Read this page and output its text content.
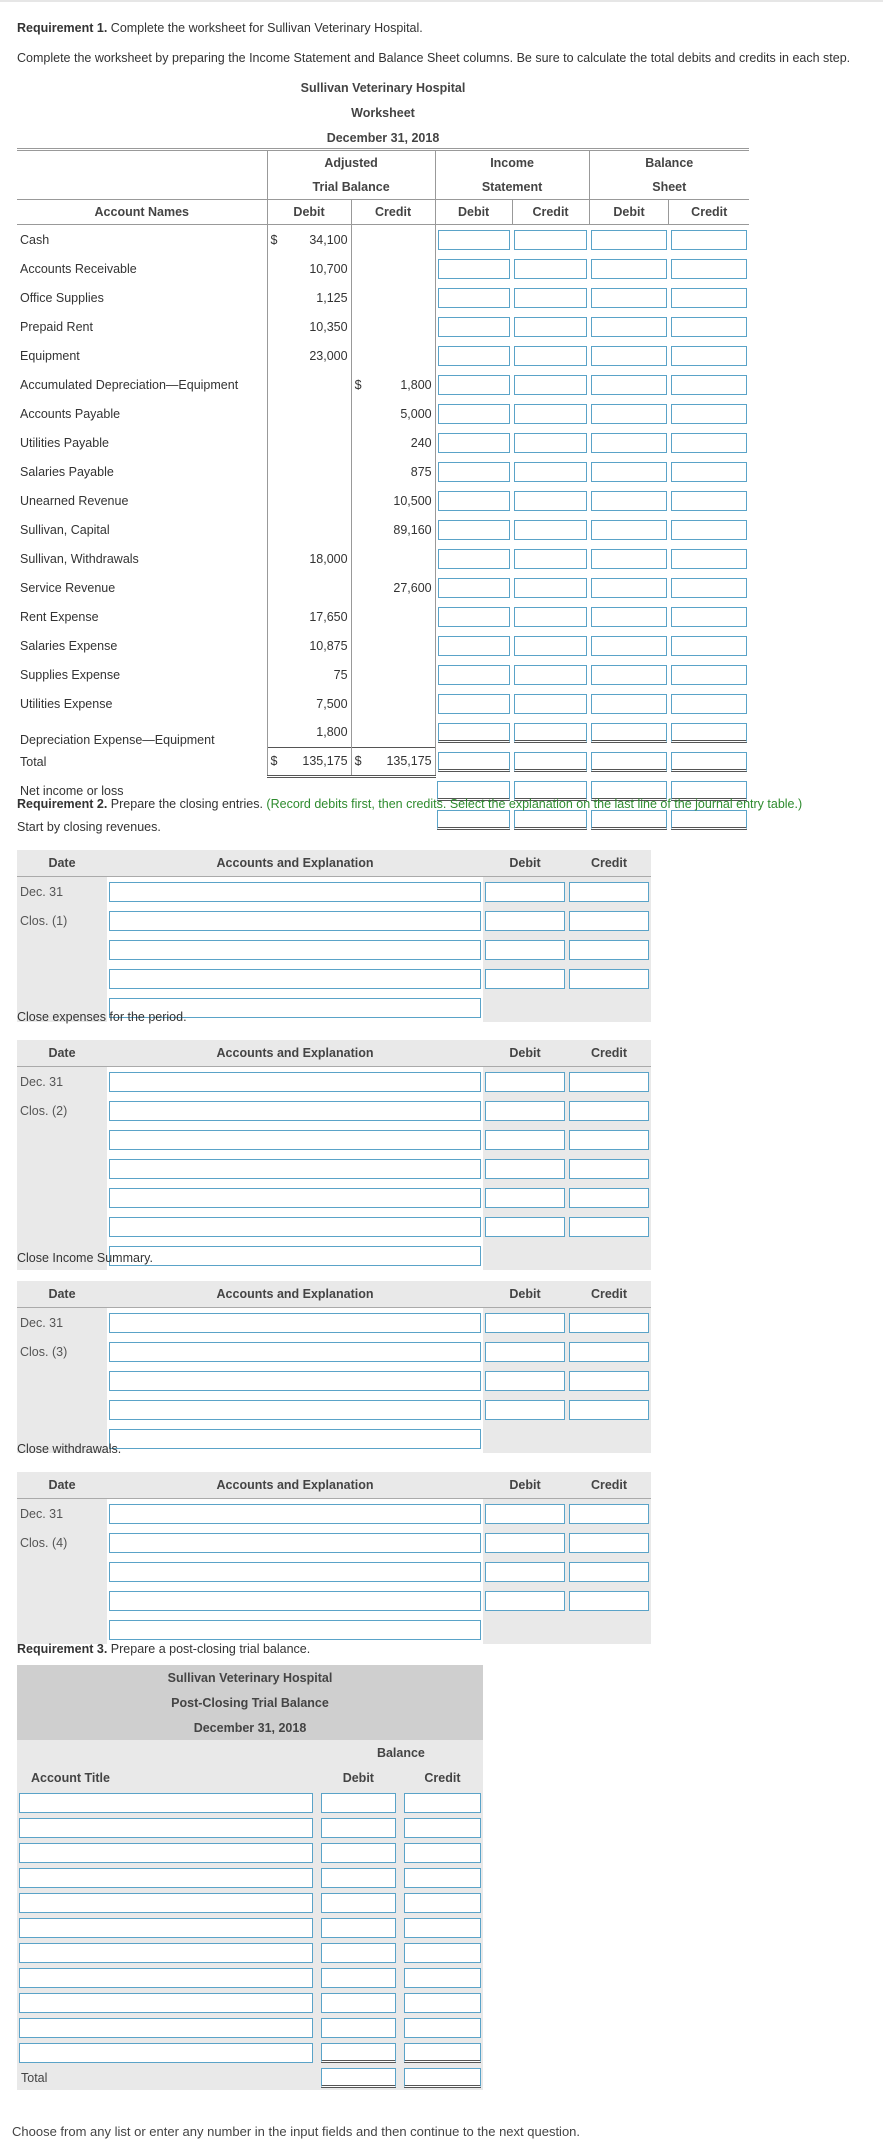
Requirement 1. Complete the worksheet for Sullivan Veterinary Hospital.
Complete the worksheet by preparing the Income Statement and Balance Sheet columns. Be sure to calculate the total debits and credits in each step.
Sullivan Veterinary Hospital
Worksheet
December 31, 2018
	Adjusted				Income		Balance	
	Trial Balance				Statement		Sheet	
Account Names	Debit		Credit		Debit	Credit	Debit	Credit
Cash	$	34,100			

Accounts Receivable		10,700			

Office Supplies		1,125			

Prepaid Rent		10,350			

Equipment		23,000			

Accumulated Depreciation—Equipment			$	1,800	

Accounts Payable				5,000	

Utilities Payable				240	

Salaries Payable				875	

Unearned Revenue				10,500	

Sullivan, Capital				89,160	

Sullivan, Withdrawals		18,000			

Service Revenue				27,600	

Rent Expense		17,650			

Salaries Expense		10,875			

Supplies Expense		75			

Utilities Expense		7,500			

Depreciation Expense—Equipment		1,800			

Total	$	135,175	$	135,175	

Net income or loss		

Requirement 2. Prepare the closing entries. (Record debits first, then credits. Select the explanation on the last line of the journal entry table.)
Start by closing revenues.
Date	Accounts and Explanation	Debit	Credit
Dec. 31	

Clos. (1)	

Close expenses for the period.
Date	Accounts and Explanation	Debit	Credit
Dec. 31	

Clos. (2)	

Close Income Summary.
Date	Accounts and Explanation	Debit	Credit
Dec. 31	

Clos. (3)	

Close withdrawals.
Date	Accounts and Explanation	Debit	Credit
Dec. 31	

Clos. (4)	

Requirement 3. Prepare a post-closing trial balance.
Sullivan Veterinary Hospital				
Post-Closing Trial Balance				
December 31, 2018				
		Balance		
Account Title		Debit		Credit

Total		

Choose from any list or enter any number in the input fields and then continue to the next question.
